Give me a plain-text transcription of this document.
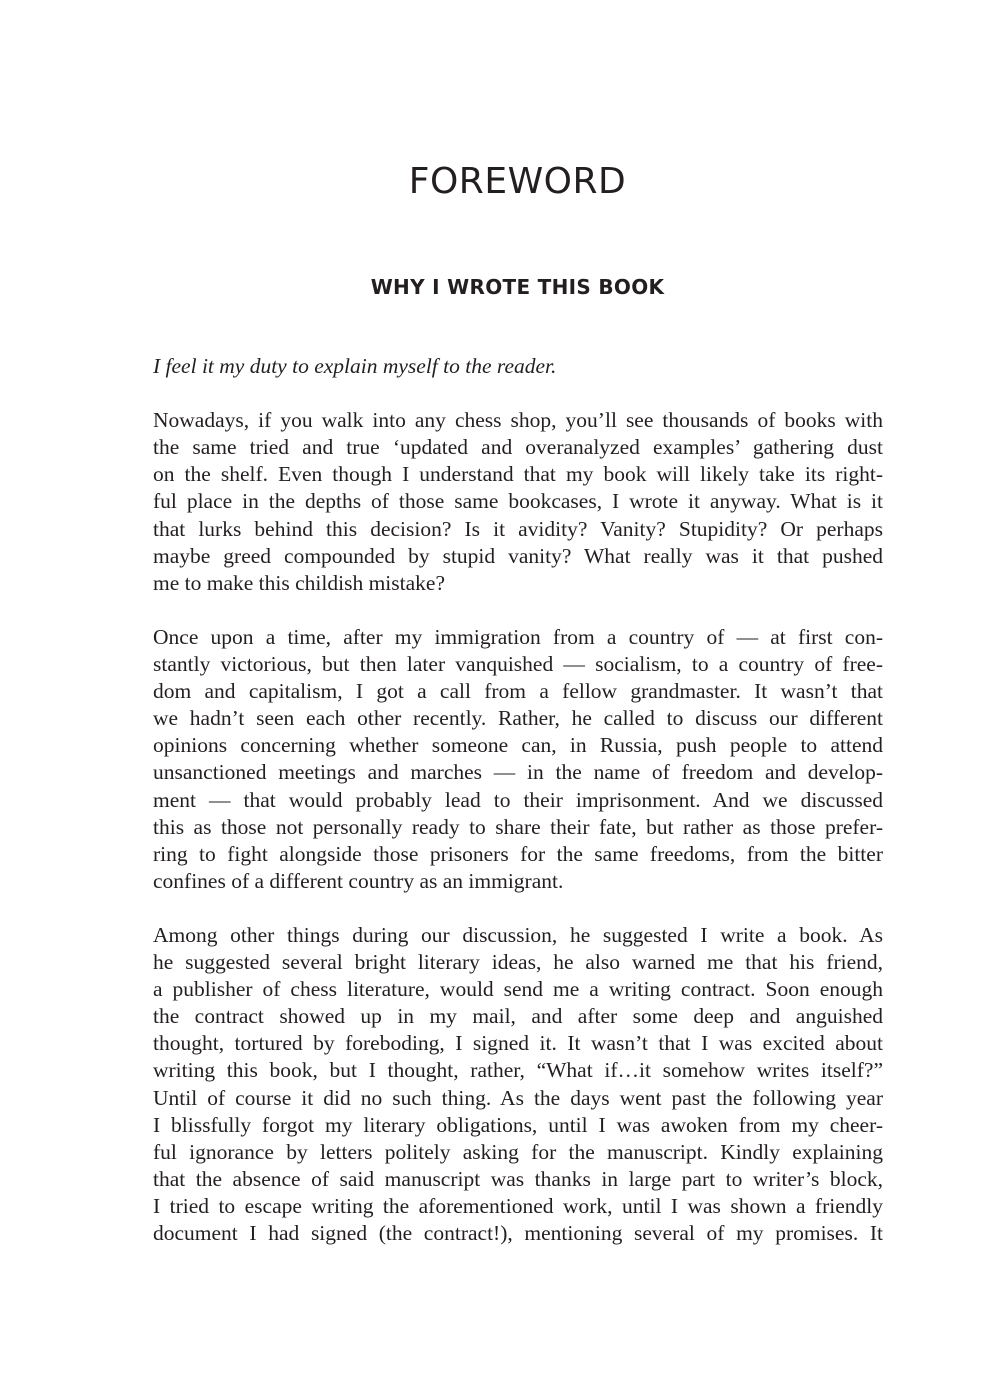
FOREWORD
WHY I WROTE THIS BOOK

I feel it my duty to explain myself to the reader.

Nowadays, if you walk into any chess shop, you’ll see thousands of books with
the same tried and true ‘updated and overanalyzed examples’ gathering dust
on the shelf. Even though I understand that my book will likely take its right-
ful place in the depths of those same bookcases, I wrote it anyway. What is it
that lurks behind this decision? Is it avidity? Vanity? Stupidity? Or perhaps
maybe greed compounded by stupid vanity? What really was it that pushed
me to make this childish mistake?

Once upon a time, after my immigration from a country of — at first con-
stantly victorious, but then later vanquished — socialism, to a country of free-
dom and capitalism, I got a call from a fellow grandmaster. It wasn’t that
we hadn’t seen each other recently. Rather, he called to discuss our different
opinions concerning whether someone can, in Russia, push people to attend
unsanctioned meetings and marches — in the name of freedom and develop-
ment — that would probably lead to their imprisonment. And we discussed
this as those not personally ready to share their fate, but rather as those prefer-
ring to fight alongside those prisoners for the same freedoms, from the bitter
confines of a different country as an immigrant.

Among other things during our discussion, he suggested I write a book. As
he suggested several bright literary ideas, he also warned me that his friend,
a publisher of chess literature, would send me a writing contract. Soon enough
the contract showed up in my mail, and after some deep and anguished
thought, tortured by foreboding, I signed it. It wasn’t that I was excited about
writing this book, but I thought, rather, “What if…it somehow writes itself?”
Until of course it did no such thing. As the days went past the following year
I blissfully forgot my literary obligations, until I was awoken from my cheer-
ful ignorance by letters politely asking for the manuscript. Kindly explaining
that the absence of said manuscript was thanks in large part to writer’s block,
I tried to escape writing the aforementioned work, until I was shown a friendly
document I had signed (the contract!), mentioning several of my promises. It
